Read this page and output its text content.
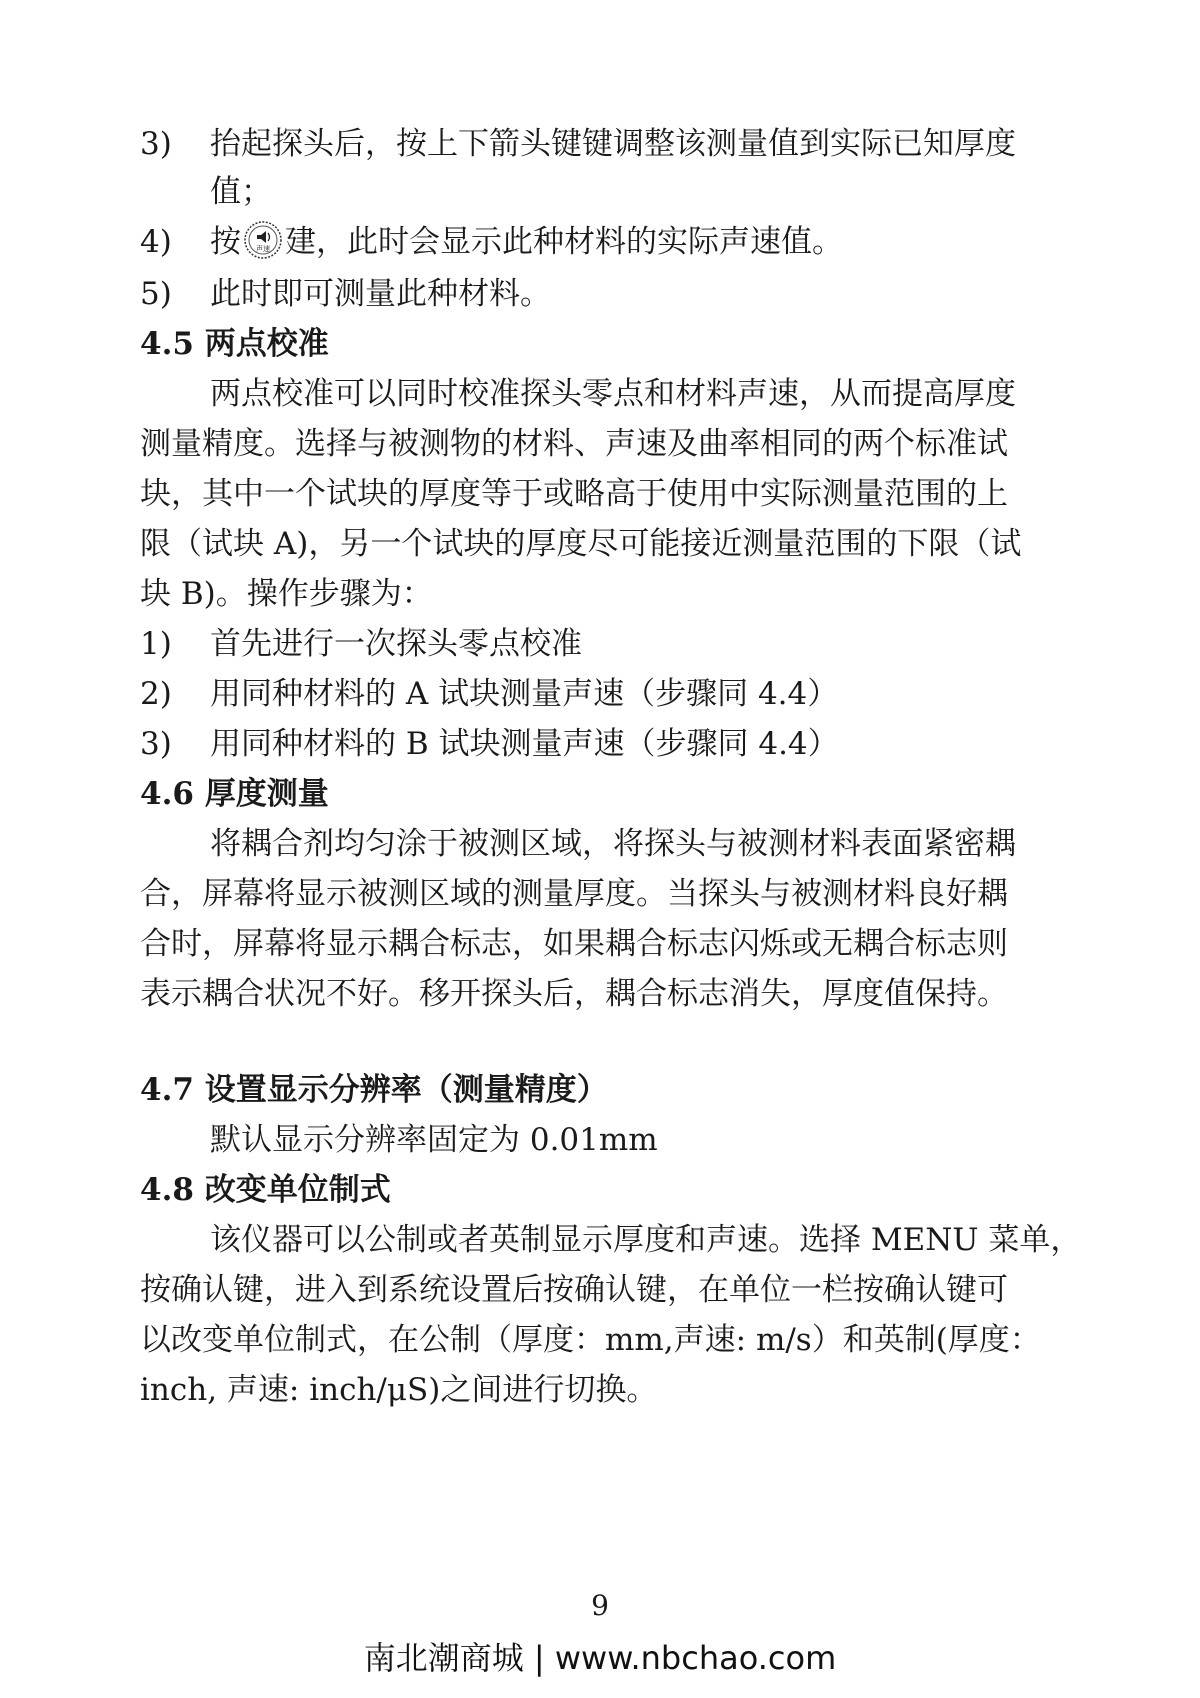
3)	抬起探头后，按上下箭头键键调整该测量值到实际已知厚度
值；
4)	按 声速 建，此时会显示此种材料的实际声速值。
5)	此时即可测量此种材料。
4.5 两点校准
两点校准可以同时校准探头零点和材料声速，从而提高厚度
测量精度。选择与被测物的材料、声速及曲率相同的两个标准试
块，其中一个试块的厚度等于或略高于使用中实际测量范围的上
限（试块 A)，另一个试块的厚度尽可能接近测量范围的下限（试
块 B)。操作步骤为：
1)	首先进行一次探头零点校准
2)	用同种材料的 A 试块测量声速（步骤同 4.4）
3)	用同种材料的 B 试块测量声速（步骤同 4.4）
4.6 厚度测量
将耦合剂均匀涂于被测区域，将探头与被测材料表面紧密耦
合，屏幕将显示被测区域的测量厚度。当探头与被测材料良好耦
合时，屏幕将显示耦合标志，如果耦合标志闪烁或无耦合标志则
表示耦合状况不好。移开探头后，耦合标志消失，厚度值保持。
4.7 设置显示分辨率（测量精度）
默认显示分辨率固定为 0.01mm
4.8 改变单位制式
该仪器可以公制或者英制显示厚度和声速。选择 MENU 菜单，
按确认键，进入到系统设置后按确认键，在单位一栏按确认键可
以改变单位制式，在公制（厚度：mm,声速: m/s）和英制(厚度：
inch, 声速: inch/μS)之间进行切换。
9
南北潮商城 | www.nbchao.com
